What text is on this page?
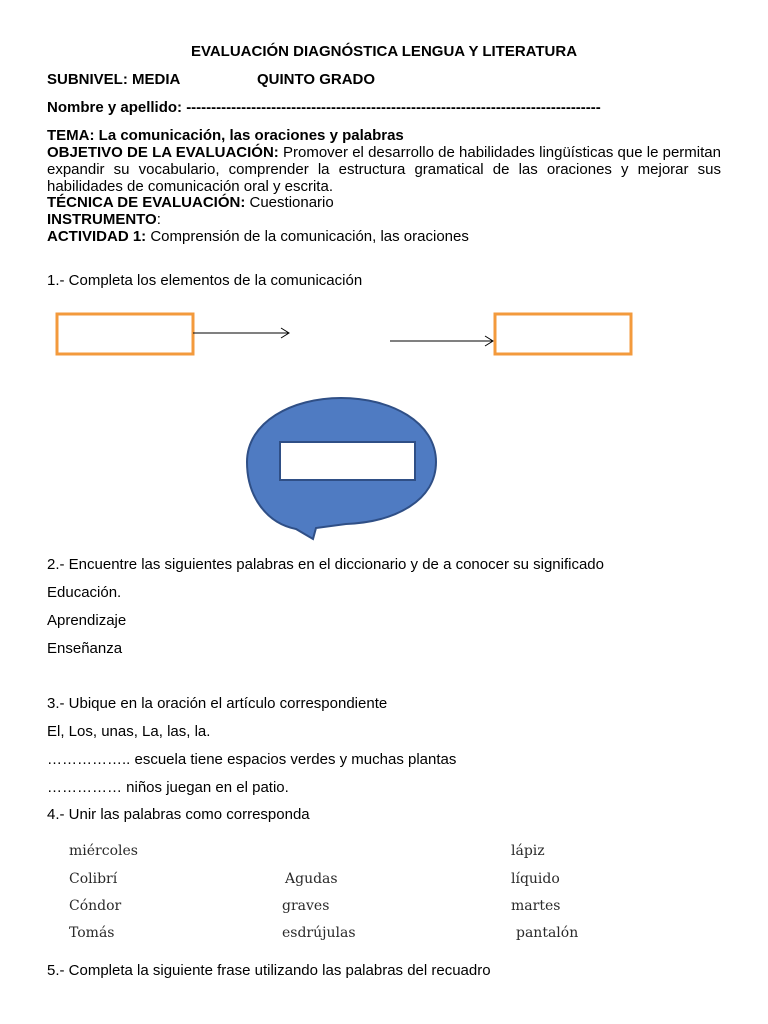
EVALUACIÓN DIAGNÓSTICA LENGUA Y LITERATURA
SUBNIVEL: MEDIA	QUINTO GRADO
Nombre y apellido: -----------------------------------------------------------------------------------
TEMA: La comunicación, las oraciones y palabras
OBJETIVO DE LA EVALUACIÓN: Promover el desarrollo de habilidades lingüísticas que le permitan expandir su vocabulario, comprender la estructura gramatical de las oraciones y mejorar sus habilidades de comunicación oral y escrita.
TÉCNICA DE EVALUACIÓN: Cuestionario
INSTRUMENTO:
ACTIVIDAD 1: Comprensión de la comunicación, las oraciones
1.- Completa los elementos de la comunicación
2.- Encuentre las siguientes palabras en el diccionario y de a conocer su significado
Educación.
Aprendizaje
Enseñanza
3.- Ubique en la oración el artículo correspondiente
El, Los, unas, La, las, la.
…………….. escuela tiene espacios verdes y muchas plantas
…………… niños juegan en el patio.
4.- Unir las palabras como corresponda
miércoles
Colibrí
Cóndor
Tomás
Agudas
graves
esdrújulas
lápiz
líquido
martes
pantalón
5.- Completa la siguiente frase utilizando las palabras del recuadro
